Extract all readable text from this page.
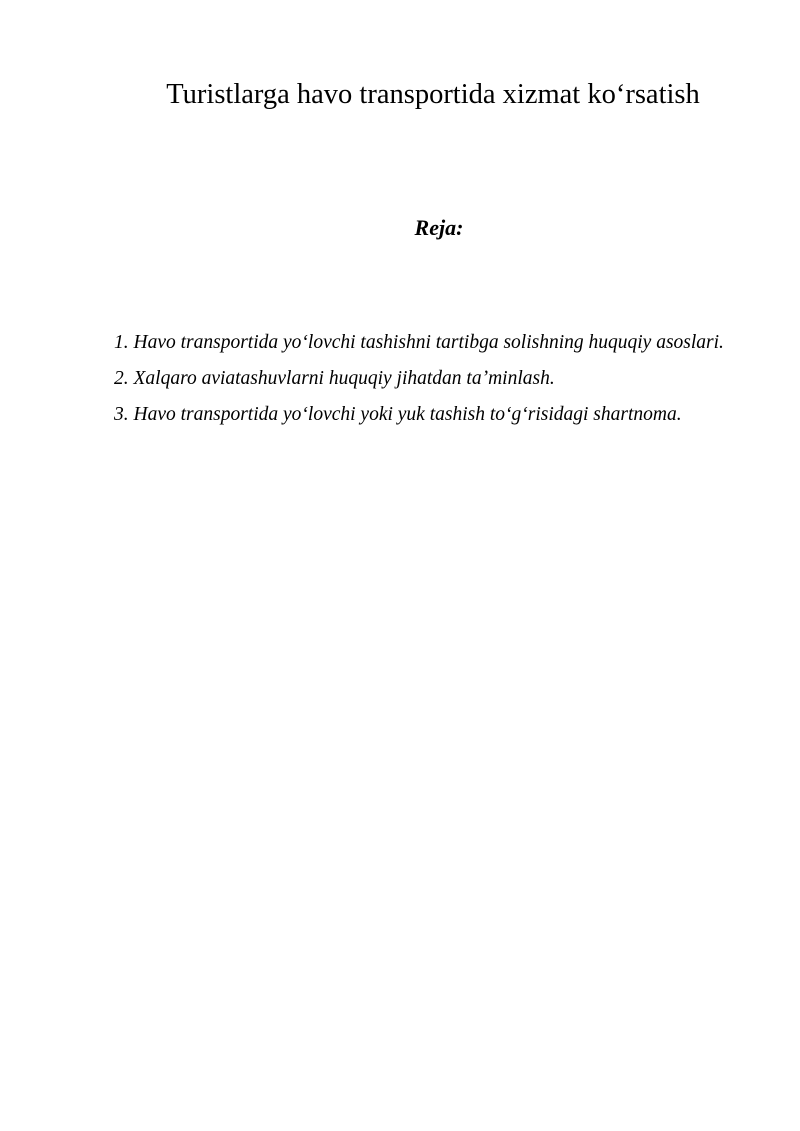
Turistlarga havo transportida xizmat koʻrsatish
Reja:
1. Havo transportida yoʻlovchi tashishni tartibga solishning huquqiy asoslari.
2. Xalqaro aviatashuvlarni huquqiy jihatdan taʼminlash.
3. Havo transportida yoʻlovchi yoki yuk tashish toʻgʻrisidagi shartnoma.
